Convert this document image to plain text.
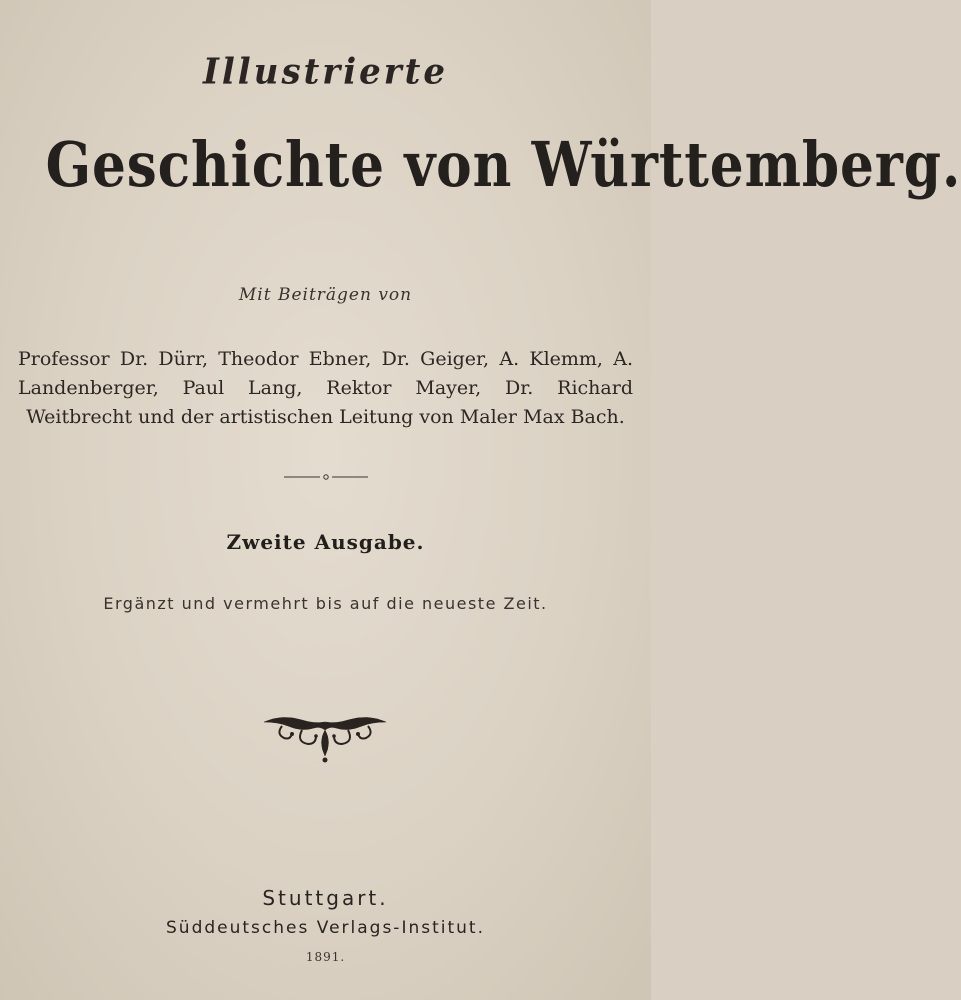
Illustrierte
Geschichte von Württemberg.
Mit Beiträgen von
Professor Dr. Dürr, Theodor Ebner, Dr. Geiger, A. Klemm, A. Landenberger, Paul Lang, Rektor Mayer, Dr. Richard Weitbrecht und der artistischen Leitung von Maler Max Bach.
Zweite Ausgabe.
Ergänzt und vermehrt bis auf die neueste Zeit.
Stuttgart.
Süddeutsches Verlags-Institut.
1891.
